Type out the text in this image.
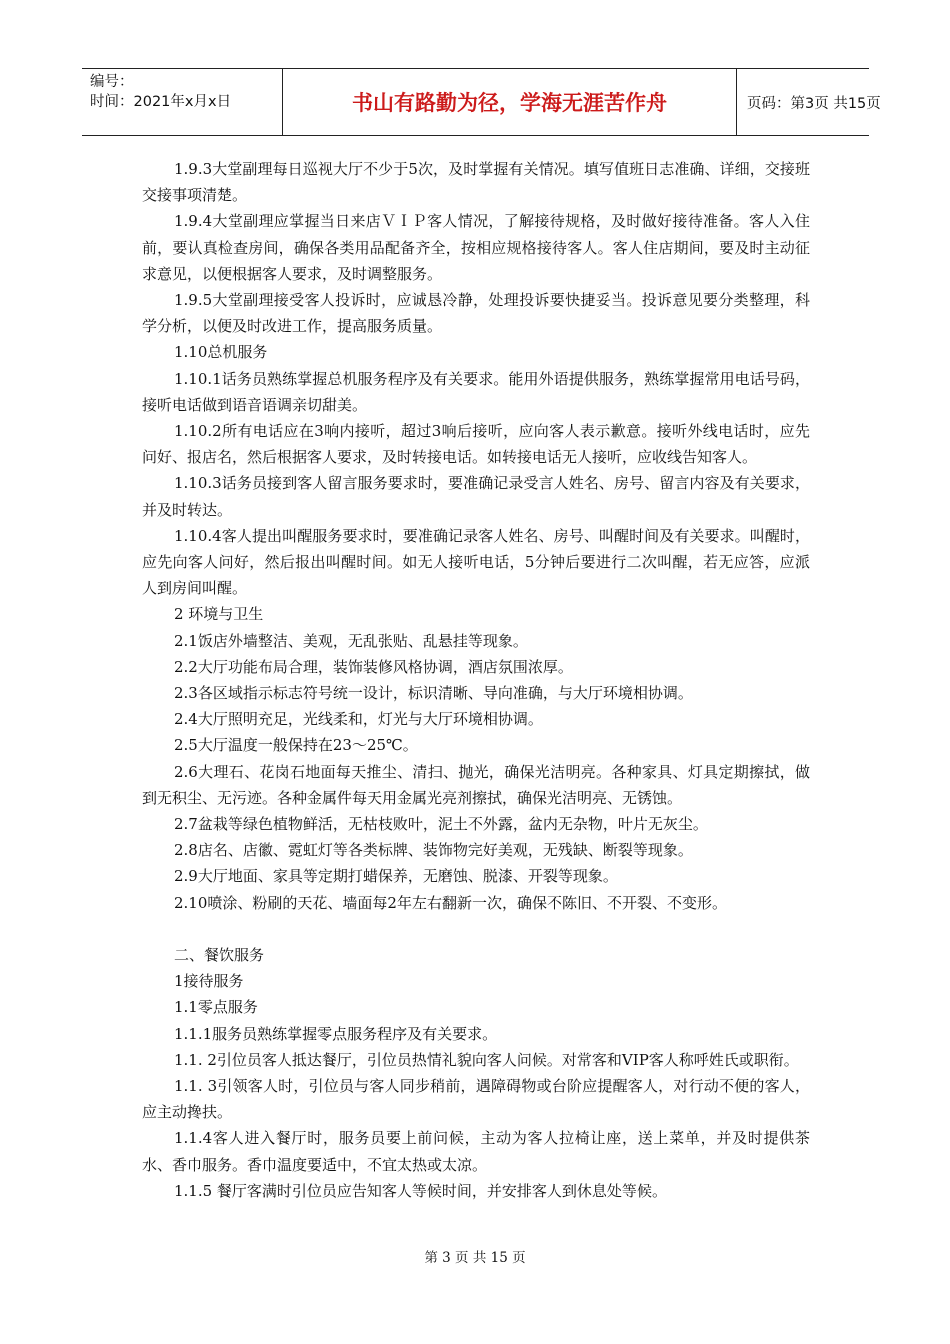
编号：
时间：2021年x月x日	书山有路勤为径，学海无涯苦作舟	页码：第3页 共15页

1.9.3大堂副理每日巡视大厅不少于5次，及时掌握有关情况。填写值班日志准确、详细，交接班交接事项清楚。

1.9.4大堂副理应掌握当日来店ＶＩＰ客人情况，了解接待规格，及时做好接待准备。客人入住前，要认真检查房间，确保各类用品配备齐全，按相应规格接待客人。客人住店期间，要及时主动征求意见，以便根据客人要求，及时调整服务。

1.9.5大堂副理接受客人投诉时，应诚恳冷静，处理投诉要快捷妥当。投诉意见要分类整理，科学分析，以便及时改进工作，提高服务质量。

1.10总机服务

1.10.1话务员熟练掌握总机服务程序及有关要求。能用外语提供服务，熟练掌握常用电话号码，接听电话做到语音语调亲切甜美。

1.10.2所有电话应在3响内接听，超过3响后接听，应向客人表示歉意。接听外线电话时，应先问好、报店名，然后根据客人要求，及时转接电话。如转接电话无人接听，应收线告知客人。

1.10.3话务员接到客人留言服务要求时，要准确记录受言人姓名、房号、留言内容及有关要求，并及时转达。

1.10.4客人提出叫醒服务要求时，要准确记录客人姓名、房号、叫醒时间及有关要求。叫醒时，应先向客人问好，然后报出叫醒时间。如无人接听电话，5分钟后要进行二次叫醒，若无应答，应派人到房间叫醒。

2 环境与卫生

2.1饭店外墙整洁、美观，无乱张贴、乱悬挂等现象。

2.2大厅功能布局合理，装饰装修风格协调，酒店氛围浓厚。

2.3各区域指示标志符号统一设计，标识清晰、导向准确，与大厅环境相协调。

2.4大厅照明充足，光线柔和，灯光与大厅环境相协调。

2.5大厅温度一般保持在23～25℃。

2.6大理石、花岗石地面每天推尘、清扫、抛光，确保光洁明亮。各种家具、灯具定期擦拭，做到无积尘、无污迹。各种金属件每天用金属光亮剂擦拭，确保光洁明亮、无锈蚀。

2.7盆栽等绿色植物鲜活，无枯枝败叶，泥土不外露，盆内无杂物，叶片无灰尘。

2.8店名、店徽、霓虹灯等各类标牌、装饰物完好美观，无残缺、断裂等现象。

2.9大厅地面、家具等定期打蜡保养，无磨蚀、脱漆、开裂等现象。

2.10喷涂、粉刷的天花、墙面每2年左右翻新一次，确保不陈旧、不开裂、不变形。

二、餐饮服务

1接待服务

1.1零点服务

1.1.1服务员熟练掌握零点服务程序及有关要求。

1.1. 2引位员客人抵达餐厅，引位员热情礼貌向客人问候。对常客和VIP客人称呼姓氏或职衔。

1.1. 3引领客人时，引位员与客人同步稍前，遇障碍物或台阶应提醒客人，对行动不便的客人，应主动搀扶。

1.1.4客人进入餐厅时，服务员要上前问候，主动为客人拉椅让座，送上菜单，并及时提供茶水、香巾服务。香巾温度要适中，不宜太热或太凉。

1.1.5 餐厅客满时引位员应告知客人等候时间，并安排客人到休息处等候。

第 3 页 共 15 页
